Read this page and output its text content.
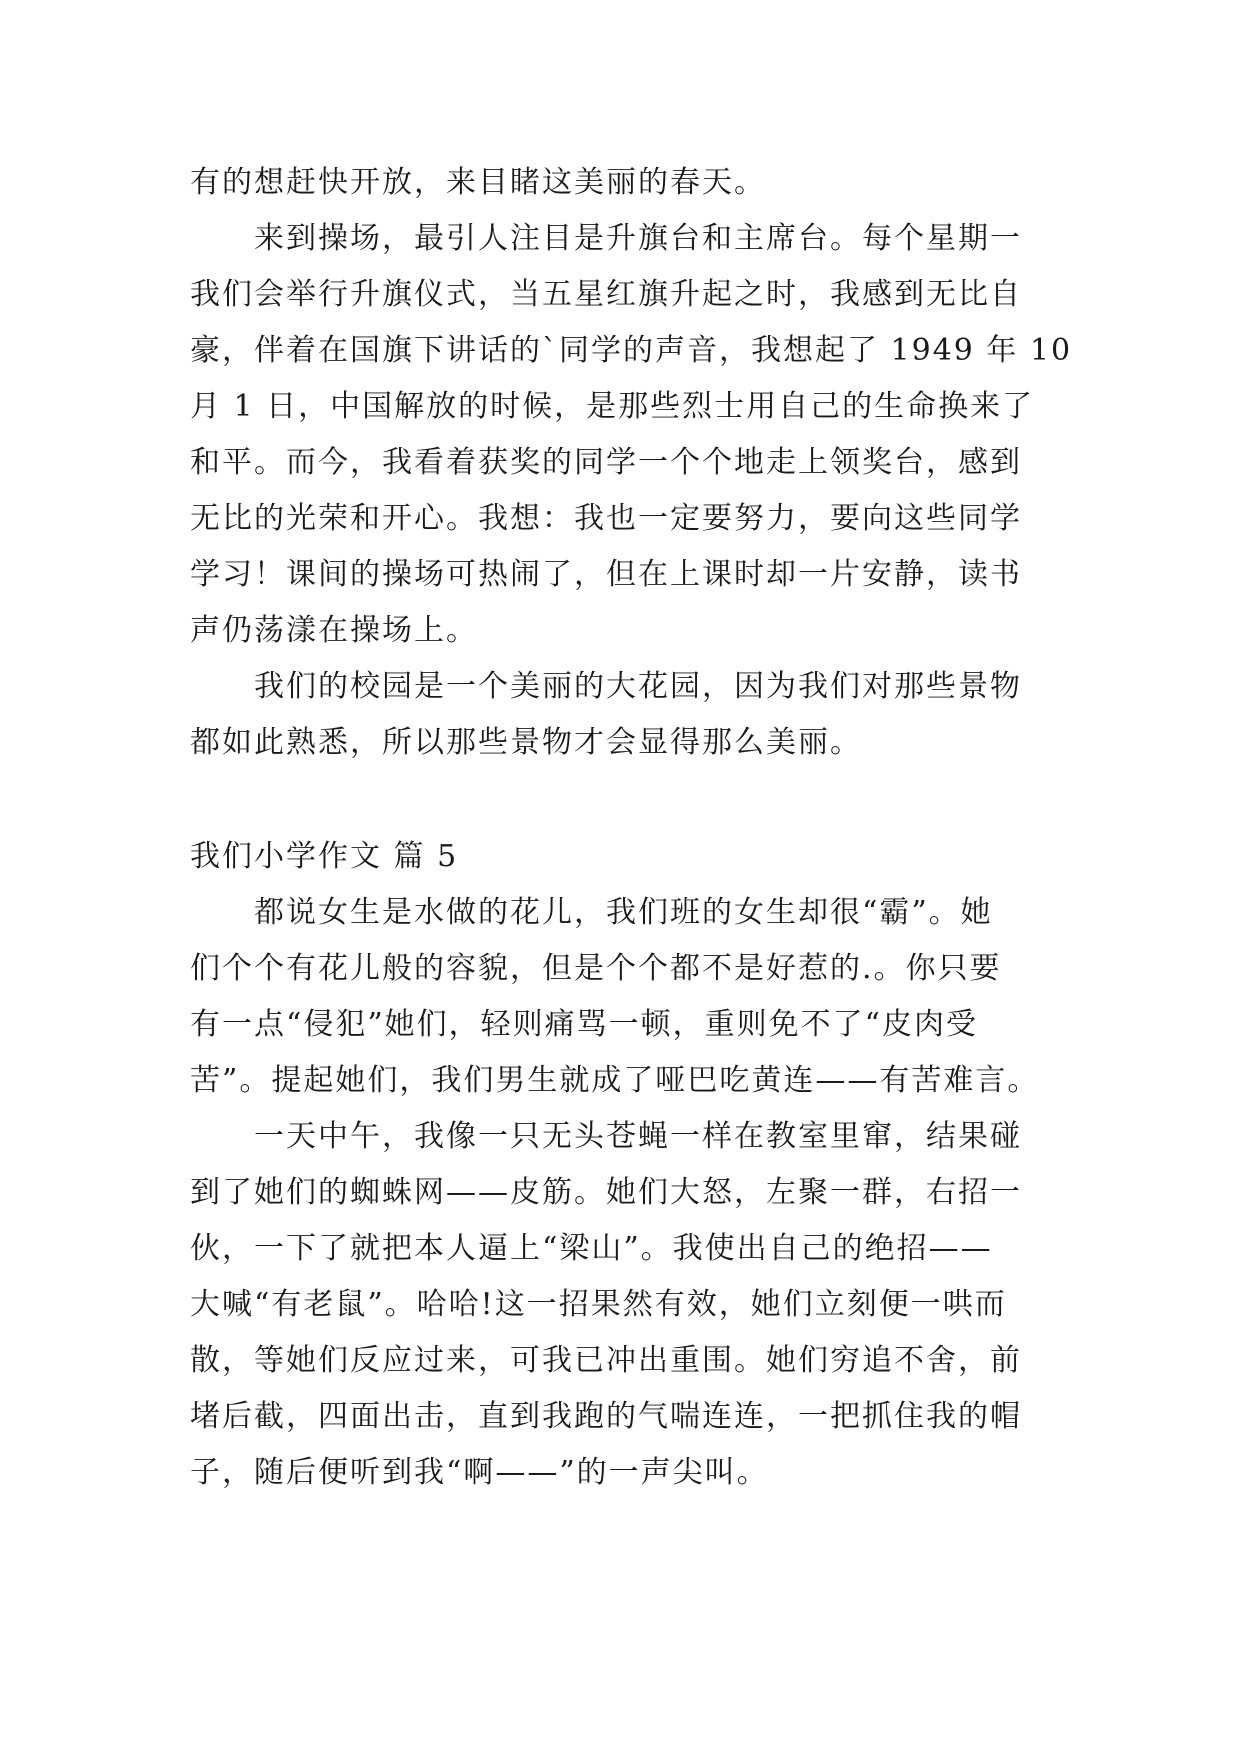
有的想赶快开放，来目睹这美丽的春天。
来到操场，最引人注目是升旗台和主席台。每个星期一
我们会举行升旗仪式，当五星红旗升起之时，我感到无比自
豪，伴着在国旗下讲话的`同学的声音，我想起了 1949 年 10
月 1 日，中国解放的时候，是那些烈士用自己的生命换来了
和平。而今，我看着获奖的同学一个个地走上领奖台，感到
无比的光荣和开心。我想：我也一定要努力，要向这些同学
学习！课间的操场可热闹了，但在上课时却一片安静，读书
声仍荡漾在操场上。
我们的校园是一个美丽的大花园，因为我们对那些景物
都如此熟悉，所以那些景物才会显得那么美丽。
我们小学作文 篇 5
都说女生是水做的花儿，我们班的女生却很“霸”。她
们个个有花儿般的容貌，但是个个都不是好惹的.。你只要
有一点“侵犯”她们，轻则痛骂一顿，重则免不了“皮肉受
苦”。提起她们，我们男生就成了哑巴吃黄连——有苦难言。
一天中午，我像一只无头苍蝇一样在教室里窜，结果碰
到了她们的蜘蛛网——皮筋。她们大怒，左聚一群，右招一
伙，一下了就把本人逼上“梁山”。我使出自己的绝招——
大喊“有老鼠”。哈哈!这一招果然有效，她们立刻便一哄而
散，等她们反应过来，可我已冲出重围。她们穷追不舍，前
堵后截，四面出击，直到我跑的气喘连连，一把抓住我的帽
子，随后便听到我“啊——”的一声尖叫。
